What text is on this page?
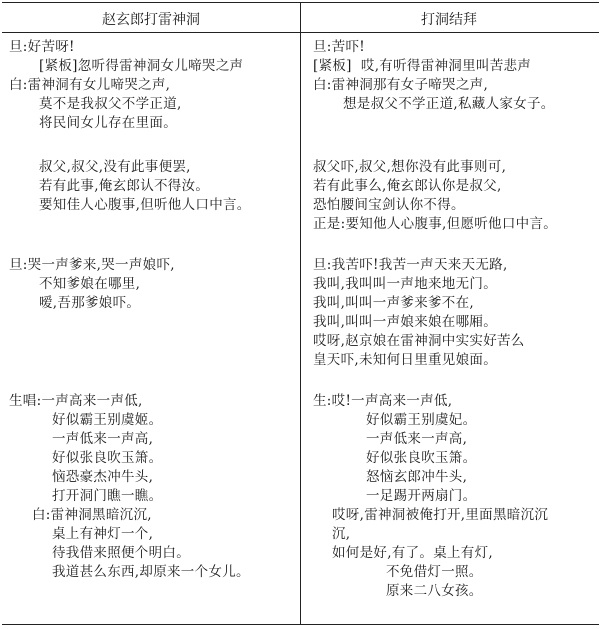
赵玄郎打雷神洞	打洞结拜
旦:好苦呀!
[紧板]忽听得雷神洞女儿啼哭之声
白:雷神洞有女儿啼哭之声,
莫不是我叔父不学正道,
将民间女儿存在里面。
叔父,叔父,没有此事便罢,
若有此事,俺玄郎认不得汝。
要知佳人心腹事,但听他人口中言。
旦:哭一声爹来,哭一声娘吓,
不知爹娘在哪里,
嗳,吾那爹娘吓。
生唱:一声高来一声低,
好似霸王别虞姬。
一声低来一声高,
好似张良吹玉箫。
恼恐豪杰冲牛头,
打开洞门瞧一瞧。
白:雷神洞黑暗沉沉,
桌上有神灯一个,
待我借来照便个明白。
我道甚么东西,却原来一个女儿。
旦:苦吓!
[紧板]  哎,有听得雷神洞里叫苦悲声
白:雷神洞那有女子啼哭之声,
想是叔父不学正道,私藏人家女子。
叔父吓,叔父,想你没有此事则可,
若有此事么,俺玄郎认你是叔父,
恐怕腰间宝剑认你不得。
正是:要知他人心腹事,但愿听他口中言。
旦:我苦吓!我苦一声天来天无路,
我叫,我叫叫一声地来地无门。
我叫,叫叫一声爹来爹不在,
我叫,叫叫一声娘来娘在哪厢。
哎呀,赵京娘在雷神洞中实实好苦么
皇天吓,未知何日里重见娘面。
生:哎!一声高来一声低,
好似霸王别虞妃。
一声低来一声高,
好似张良吹玉箫。
怒恼玄郎冲牛头,
一足踢开两扇门。
哎呀,雷神洞被俺打开,里面黑暗沉沉
沉,
如何是好,有了。桌上有灯,
不免借灯一照。
原来二八女孩。
